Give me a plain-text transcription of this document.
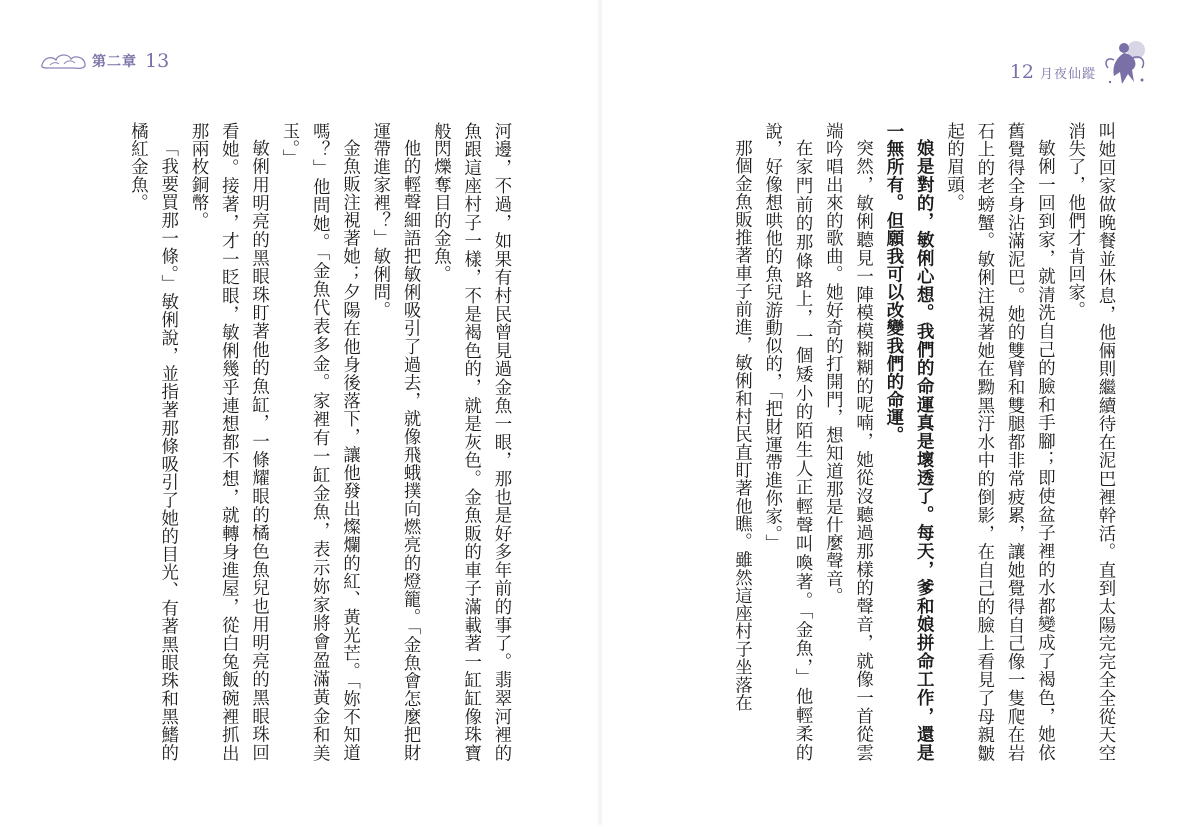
第二章 13	12 月夜仙蹤

河邊，不過，如果有村民曾見過金魚一眼，那也是好多年前的事了。翡翠河裡的魚跟這座村子一樣，不是褐色的，就是灰色。金魚販的車子滿載著一缸缸像珠寶般閃爍奪目的金魚。

他的輕聲細語把敏俐吸引了過去，就像飛蛾撲向燃亮的燈籠。「金魚會怎麼把財運帶進家裡？」敏俐問。

金魚販注視著她；夕陽在他身後落下，讓他發出燦爛的紅、黃光芒。「妳不知道嗎？」他問她。「金魚代表多金。家裡有一缸金魚，表示妳家將會盈滿黃金和美玉。」

敏俐用明亮的黑眼珠盯著他的魚缸，一條耀眼的橘色魚兒也用明亮的黑眼珠回看她。接著，才一眨眼，敏俐幾乎連想都不想，就轉身進屋，從白兔飯碗裡抓出那兩枚銅幣。

「我要買那一條。」敏俐說，並指著那條吸引了她的目光、有著黑眼珠和黑鰭的橘紅金魚。	叫她回家做晚餐並休息，他倆則繼續待在泥巴裡幹活。直到太陽完完全全從天空消失了，他們才肯回家。

敏俐一回到家，就清洗自己的臉和手腳；即使盆子裡的水都變成了褐色，她依舊覺得全身沾滿泥巴。她的雙臂和雙腿都非常疲累，讓她覺得自己像一隻爬在岩石上的老螃蟹。敏俐注視著她在黝黑汙水中的倒影，在自己的臉上看見了母親皺起的眉頭。

娘是對的，敏俐心想。我們的命運真是壞透了。每天，爹和娘拼命工作，還是一無所有。但願我可以改變我們的命運。

突然，敏俐聽見一陣模模糊糊的呢喃，她從沒聽過那樣的聲音，就像一首從雲端吟唱出來的歌曲。她好奇的打開門，想知道那是什麼聲音。

在家門前的那條路上，一個矮小的陌生人正輕聲叫喚著。「金魚，」他輕柔的說，好像想哄他的魚兒游動似的，「把財運帶進你家。」

那個金魚販推著車子前進，敏俐和村民直盯著他瞧。雖然這座村子坐落在
